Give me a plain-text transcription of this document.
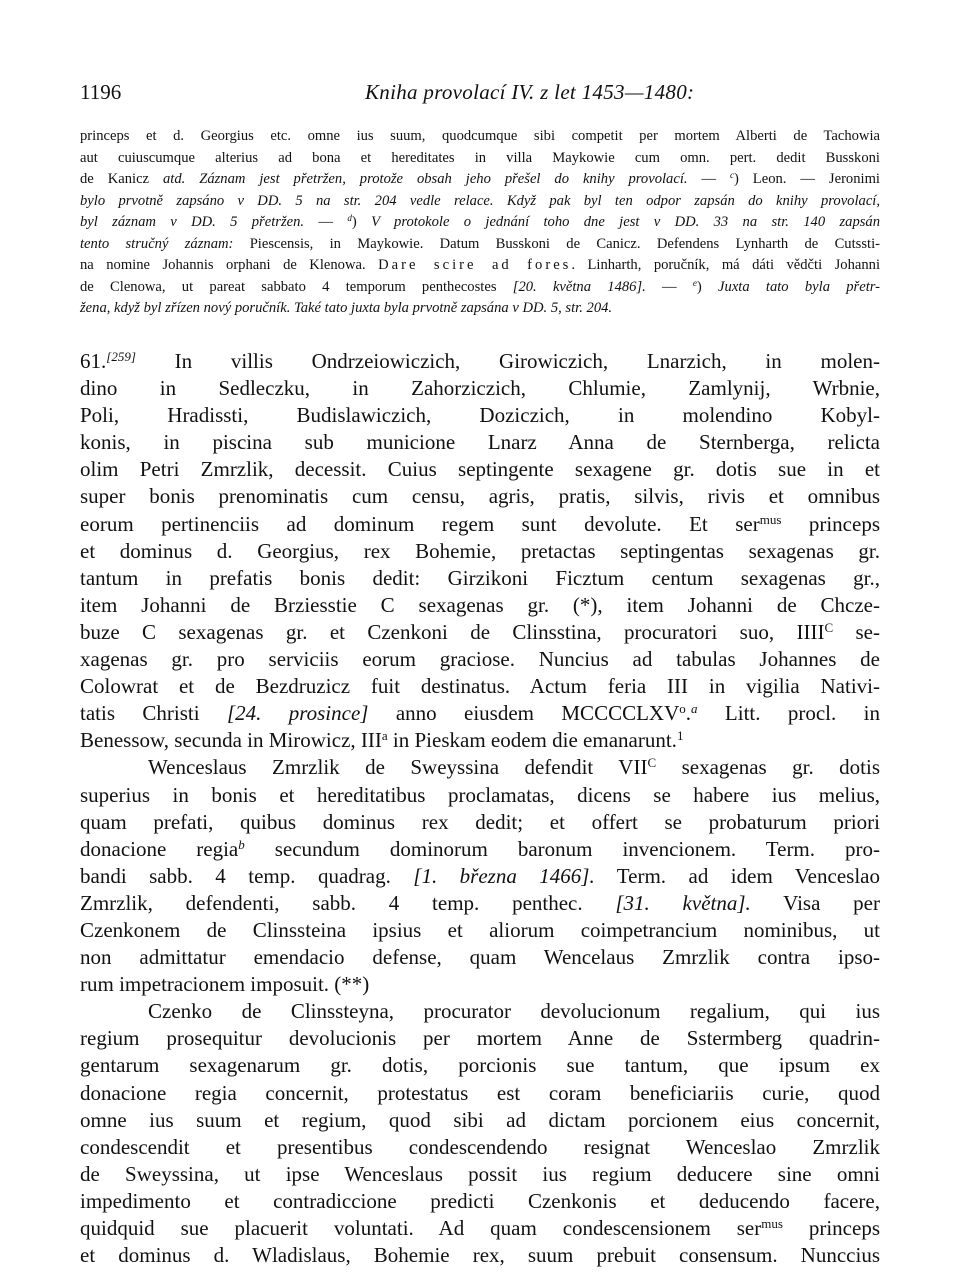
1196	Kniha provolací IV. z let 1453—1480:
princeps et d. Georgius etc. omne ius suum, quodcumque sibi competit per mortem Alberti de Tachowia
aut cuiuscumque alterius ad bona et hereditates in villa Maykowie cum omn. pert. dedit Busskoni
de Kanicz atd. Záznam jest přetržen, protože obsah jeho přešel do knihy provolací. — $^c$) Leon. — Jeronimi
bylo prvotně zapsáno v DD. 5 na str. 204 vedle relace. Když pak byl ten odpor zapsán do knihy provolací,
byl záznam v DD. 5 přetržen. — $^d$) V protokole o jednání toho dne jest v DD. 33 na str. 140 zapsán
tento stručný záznam: Piescensis, in Maykowie. Datum Busskoni de Canicz. Defendens Lynharth de Cutssti-
na nomine Johannis orphani de Klenowa. Dare scire ad fores. Linharth, poručník, má dáti vědčti Johanni
de Clenowa, ut pareat sabbato 4 temporum penthecostes [20. května 1486]. — $^e$) Juxta tato byla přetr-
žena, když byl zřízen nový poručník. Také tato juxta byla prvotně zapsána v DD. 5, str. 204.
61.[259] In villis Ondrzeiowiczich, Girowiczich, Lnarzich, in molen-
dino in Sedleczku, in Zahorziczich, Chlumie, Zamlynij, Wrbnie,
Poli, Hradissti, Budislawiczich, Doziczich, in molendino Kobyl-
konis, in piscina sub municione Lnarz Anna de Sternberga, relicta
olim Petri Zmrzlik, decessit. Cuius septingente sexagene gr. dotis sue in et
super bonis prenominatis cum censu, agris, pratis, silvis, rivis et omnibus
eorum pertinenciis ad dominum regem sunt devolute. Et ser$^{mus}$ princeps
et dominus d. Georgius, rex Bohemie, pretactas septingentas sexagenas gr.
tantum in prefatis bonis dedit: Girzikoni Ficztum centum sexagenas gr.,
item Johanni de Brziesstie C sexagenas gr. (*), item Johanni de Chcze-
buze C sexagenas gr. et Czenkoni de Clinsstina, procuratori suo, $IIII^C$ se-
xagenas gr. pro serviciis eorum graciose. Nuncius ad tabulas Johannes de
Colowrat et de Bezdruzicz fuit destinatus. Actum feria III in vigilia Nativi-
tatis Christi [24. prosince] anno eiusdem MCCCCLXV$^o$.$^a$ Litt. procl. in
Benessow, secunda in Mirowicz, III$^a$ in Pieskam eodem die emanarunt.$^1$
Wenceslaus Zmrzlik de Sweyssina defendit $VII^C$ sexagenas gr. dotis
superius in bonis et hereditatibus proclamatas, dicens se habere ius melius,
quam prefati, quibus dominus rex dedit; et offert se probaturum priori
donacione regia$^b$ secundum dominorum baronum invencionem. Term. pro-
bandi sabb. 4 temp. quadrag. [1. března 1466]. Term. ad idem Venceslao
Zmrzlik, defendenti, sabb. 4 temp. penthec. [31. května]. Visa per
Czenkonem de Clinssteina ipsius et aliorum coimpetrancium nominibus, ut
non admittatur emendacio defense, quam Wencelaus Zmrzlik contra ipso-
rum impetracionem imposuit. (**)
Czenko de Clinssteyna, procurator devolucionum regalium, qui ius
regium prosequitur devolucionis per mortem Anne de Sstermberg quadrin-
gentarum sexagenarum gr. dotis, porcionis sue tantum, que ipsum ex
donacione regia concernit, protestatus est coram beneficiariis curie, quod
omne ius suum et regium, quod sibi ad dictam porcionem eius concernit,
condescendit et presentibus condescendendo resignat Wenceslao Zmrzlik
de Sweyssina, ut ipse Wenceslaus possit ius regium deducere sine omni
impedimento et contradiccione predicti Czenkonis et deducendo facere,
quidquid sue placuerit voluntati. Ad quam condescensionem ser$^{mus}$ princeps
et dominus d. Wladislaus, Bohemie rex, suum prebuit consensum. Nunccius
